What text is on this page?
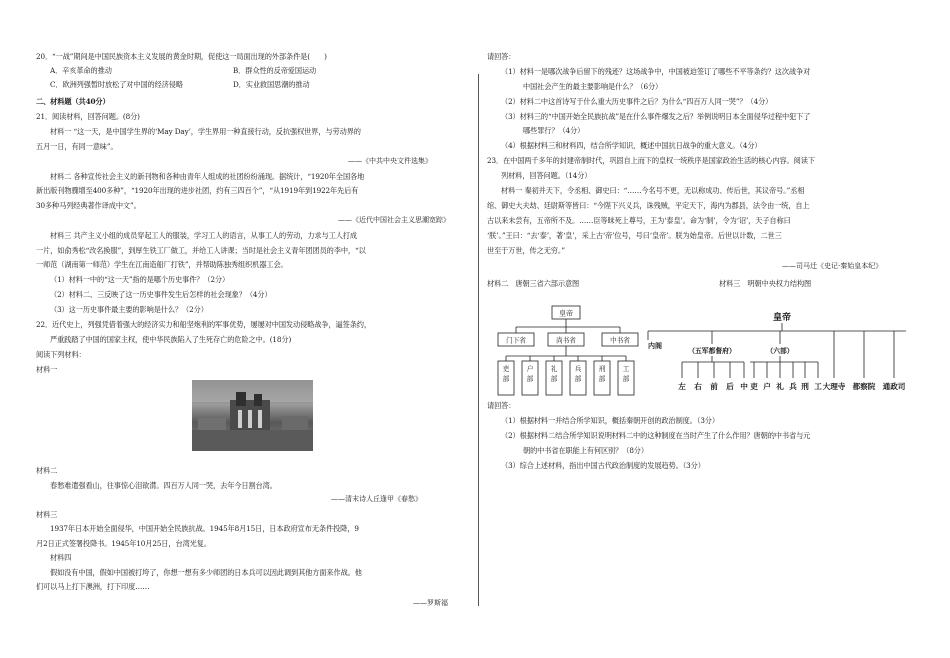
20．“一战”期间是中国民族资本主义发展的黄金时期，促使这一局面出现的外部条件是(　　)
A．辛亥革命的推动	B．群众性的反帝爱国运动
C．欧洲列强暂时放松了对中国的经济侵略	D．实业救国思潮的推动
二、材料题（共40分）
21．阅读材料，回答问题。(8分)
材料一 “这一天，是中国学生界的‘May Day’，学生界用一种直接行动，反抗强权世界，与劳动界的
五月一日，有同一意味”。
——《中共中央文件选集》
材料二 各种宣传社会主义的新刊物和各种由青年人组成的社团纷纷涌现。据统计，“1920年全国各地
新出版刊物骤增至400多种”，“1920年出现的进步社团，约有三四百个”，“从1919年到1922年先后有
30多种马列经典著作译成中文”。
——《近代中国社会主义思潮宽踪》
材料三 共产主义小组的成员穿起工人的服装，学习工人的语言，从事工人的劳动，力求与工人打成
一片，如俞秀松“改名换服”，到厚生铁工厂做工，并给工人讲课；当时是社会主义青年团团员的李中，“以
一师范（湖南第一师范）学生在江南造船厂打铁”，并帮助陈独秀组织机器工会。
（1）材料一中的“这一天”指的是哪个历史事件？（2分）
（2）材料二、三反映了这一历史事件发生后怎样的社会现象？（4分）
（3）这一历史事件最主要的影响是什么？（2分）
22．近代史上，列强凭借着强大的经济实力和船坚炮利的军事优势，屡屡对中国发动侵略战争，逼签条约，
严重践踏了中国的国家主权，使中华民族陷入了生死存亡的危险之中。(18分)
阅读下列材料：
材料一
材料二
春愁难遣强看山，往事惊心泪欲潸。四百万人同一哭，去年今日割台湾。
——清末诗人丘逢甲《春愁》
材料三
1937年日本开始全面侵华，中国开始全民族抗战。1945年8月15日，日本政府宣布无条件投降，9
月2日正式签署投降书。1945年10月25日，台湾光复。
材料四
假如没有中国，假如中国被打垮了，你想一想有多少师团的日本兵可以因此调到其他方面来作战。他
们可以马上打下澳洲，打下印度……
——罗斯福
请回答：
（1）材料一是哪次战争后留下的残迹？这场战争中，中国被迫签订了哪些不平等条约？这次战争对
中国社会产生的最主要影响是什么？（6分）
（2）材料二中这首诗写于什么重大历史事件之后？为什么“四百万人同一哭”？（4分）
（3）材料三的“中国开始全民族抗战”是在什么事件爆发之后？举例说明日本全面侵华过程中犯下了
哪些罪行？（4分）
（4）根据材料三和材料四，结合所学知识，概述中国抗日战争的重大意义。（4分）
23．在中国两千多年的封建帝制时代，巩固自上而下的皇权一统秩序是国家政治生活的核心内容。阅读下
列材料，回答问题。（14分）
材料一 秦初并天下，令丞相、御史曰：“……今名号不更，无以称成功、传后世，其议帝号。”丞相
绾、御史大夫劫、廷尉斯等皆曰：“今陛下兴义兵，诛残贼，平定天下，海内为郡县，法令由一统，自上
古以来未尝有，五帝所不及。……臣等昧死上尊号，王为‘泰皇’。命为‘制’，令为‘诏’，天子自称曰
‘朕’。”王曰：“去‘泰’，著‘皇’，采上古‘帝’位号，号曰‘皇帝’。朕为始皇帝。后世以计数，二世三
世至于万世，传之无穷。”
——司马迁《史记·秦始皇本纪》
材料二　唐朝三省六部示意图	材料三　明朝中央权力结构图
请回答：
（1）根据材料一并结合所学知识，概括秦朝开创的政治制度。（3分）
（2）根据材料二结合所学知识说明材料二中的这种制度在当时产生了什么作用？唐朝的中书省与元
朝的中书省在职能上有何区别？（8分）
（3）综合上述材料，指出中国古代政治制度的发展趋势。（3分）
皇帝
门下省	尚书省	中书省
吏
部
户
部
礼
部
兵
部
刑
部
工
部
皇帝
内阁
（五军都督府）	（六部）
左 右 前 后 中 吏 户 礼 兵 刑 工 大理寺 都察院 通政司
